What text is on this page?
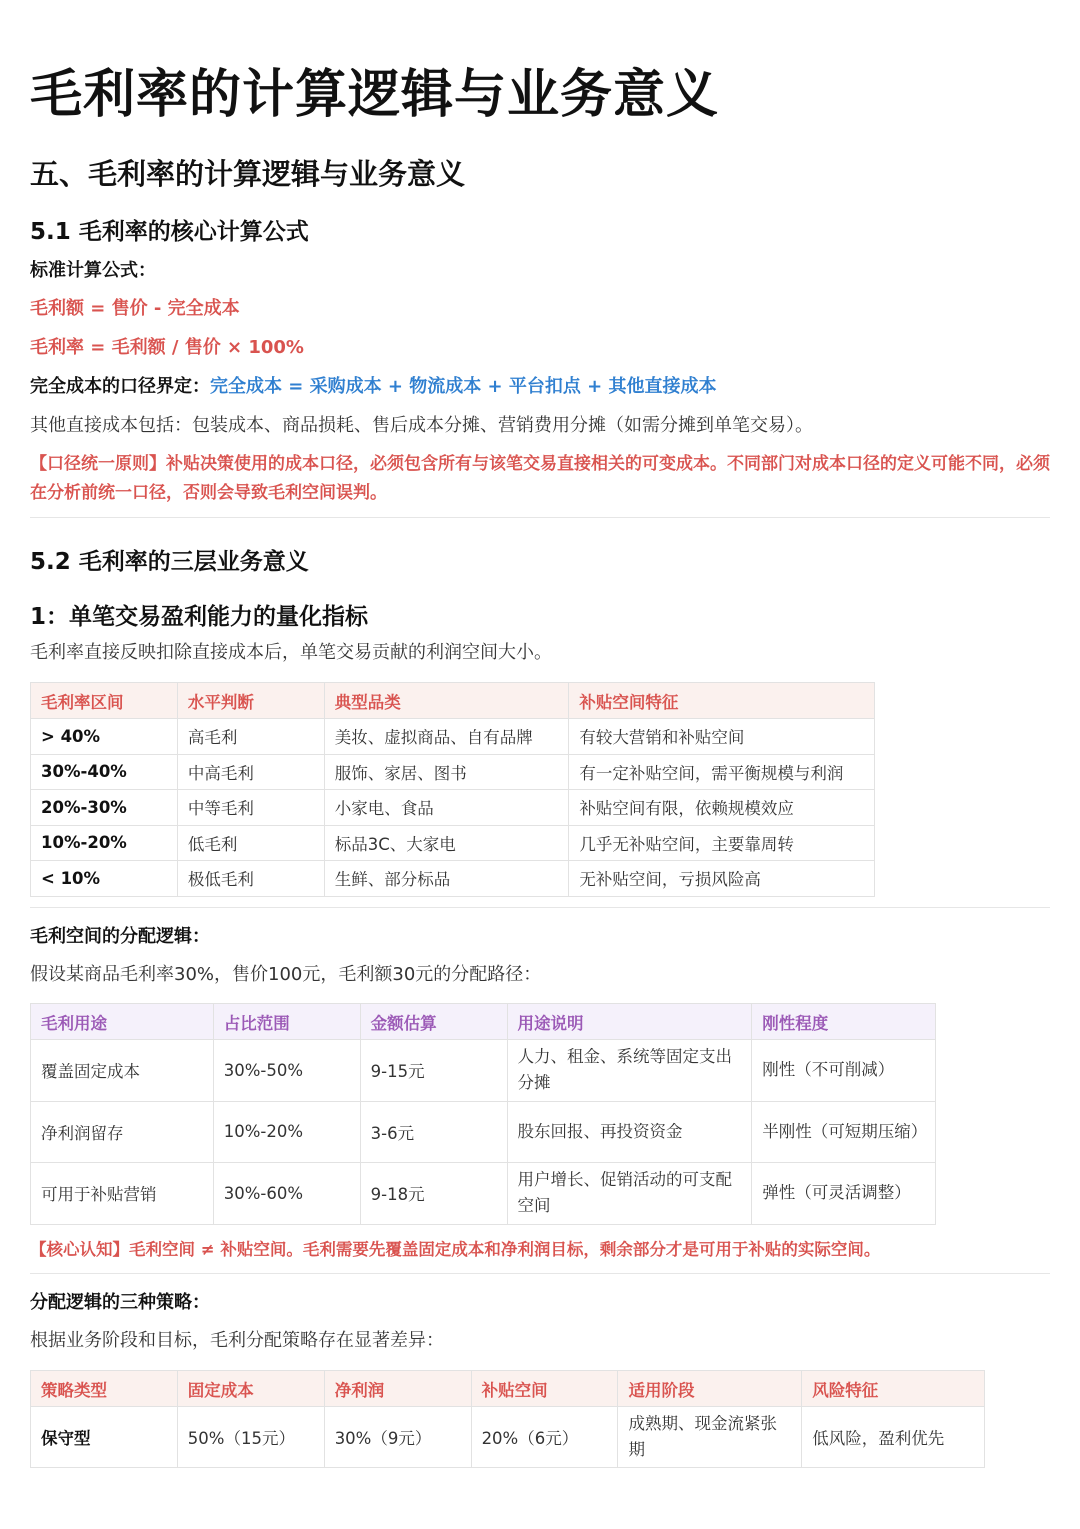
毛利率的计算逻辑与业务意义
五、毛利率的计算逻辑与业务意义
5.1 毛利率的核心计算公式
标准计算公式：
毛利额 = 售价 - 完全成本
毛利率 = 毛利额 / 售价 × 100%
完全成本的口径界定：完全成本 = 采购成本 + 物流成本 + 平台扣点 + 其他直接成本
其他直接成本包括：包装成本、商品损耗、售后成本分摊、营销费用分摊（如需分摊到单笔交易）。
【口径统一原则】补贴决策使用的成本口径，必须包含所有与该笔交易直接相关的可变成本。不同部门对成本口径的定义可能不同，必须在分析前统一口径，否则会导致毛利空间误判。
5.2 毛利率的三层业务意义
1：单笔交易盈利能力的量化指标
毛利率直接反映扣除直接成本后，单笔交易贡献的利润空间大小。
毛利率区间	水平判断	典型品类	补贴空间特征
> 40%	高毛利	美妆、虚拟商品、自有品牌	有较大营销和补贴空间
30%-40%	中高毛利	服饰、家居、图书	有一定补贴空间，需平衡规模与利润
20%-30%	中等毛利	小家电、食品	补贴空间有限，依赖规模效应
10%-20%	低毛利	标品3C、大家电	几乎无补贴空间，主要靠周转
< 10%	极低毛利	生鲜、部分标品	无补贴空间，亏损风险高
毛利空间的分配逻辑：
假设某商品毛利率30%，售价100元，毛利额30元的分配路径：
毛利用途	占比范围	金额估算	用途说明	刚性程度
覆盖固定成本	30%-50%	9-15元	人力、租金、系统等固定支出分摊	刚性（不可削减）
净利润留存	10%-20%	3-6元	股东回报、再投资资金	半刚性（可短期压缩）
可用于补贴营销	30%-60%	9-18元	用户增长、促销活动的可支配空间	弹性（可灵活调整）
【核心认知】毛利空间 ≠ 补贴空间。毛利需要先覆盖固定成本和净利润目标，剩余部分才是可用于补贴的实际空间。
分配逻辑的三种策略：
根据业务阶段和目标，毛利分配策略存在显著差异：
策略类型	固定成本	净利润	补贴空间	适用阶段	风险特征
保守型	50%（15元）	30%（9元）	20%（6元）	成熟期、现金流紧张期	低风险，盈利优先
